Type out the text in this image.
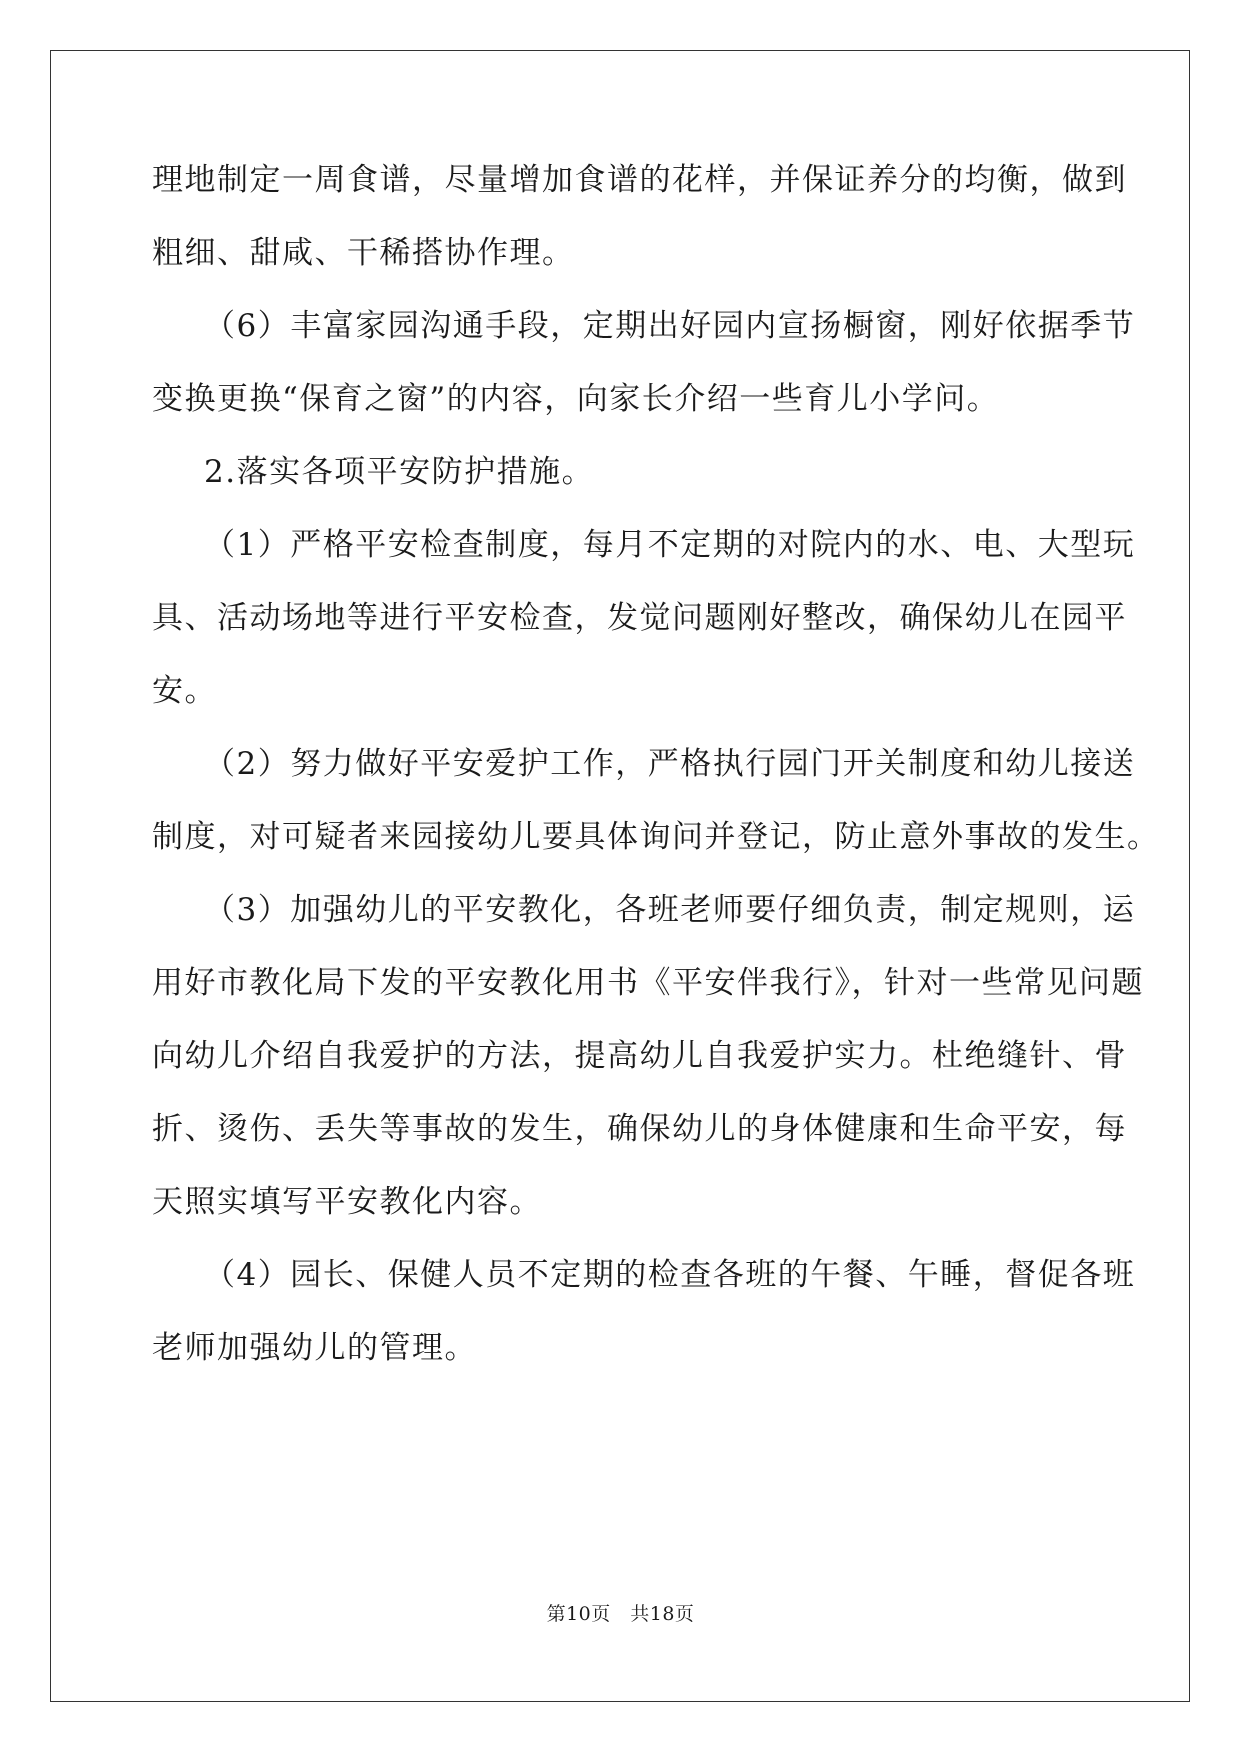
理地制定一周食谱，尽量增加食谱的花样，并保证养分的均衡，做到
粗细、甜咸、干稀搭协作理。
（6）丰富家园沟通手段，定期出好园内宣扬橱窗，刚好依据季节
变换更换“保育之窗”的内容，向家长介绍一些育儿小学问。
2.落实各项平安防护措施。
（1）严格平安检查制度，每月不定期的对院内的水、电、大型玩
具、活动场地等进行平安检查，发觉问题刚好整改，确保幼儿在园平
安。
（2）努力做好平安爱护工作，严格执行园门开关制度和幼儿接送
制度，对可疑者来园接幼儿要具体询问并登记，防止意外事故的发生。
（3）加强幼儿的平安教化，各班老师要仔细负责，制定规则，运
用好市教化局下发的平安教化用书《平安伴我行》，针对一些常见问题
向幼儿介绍自我爱护的方法，提高幼儿自我爱护实力。杜绝缝针、骨
折、烫伤、丢失等事故的发生，确保幼儿的身体健康和生命平安，每
天照实填写平安教化内容。
（4）园长、保健人员不定期的检查各班的午餐、午睡，督促各班
老师加强幼儿的管理。
第10页　共18页
